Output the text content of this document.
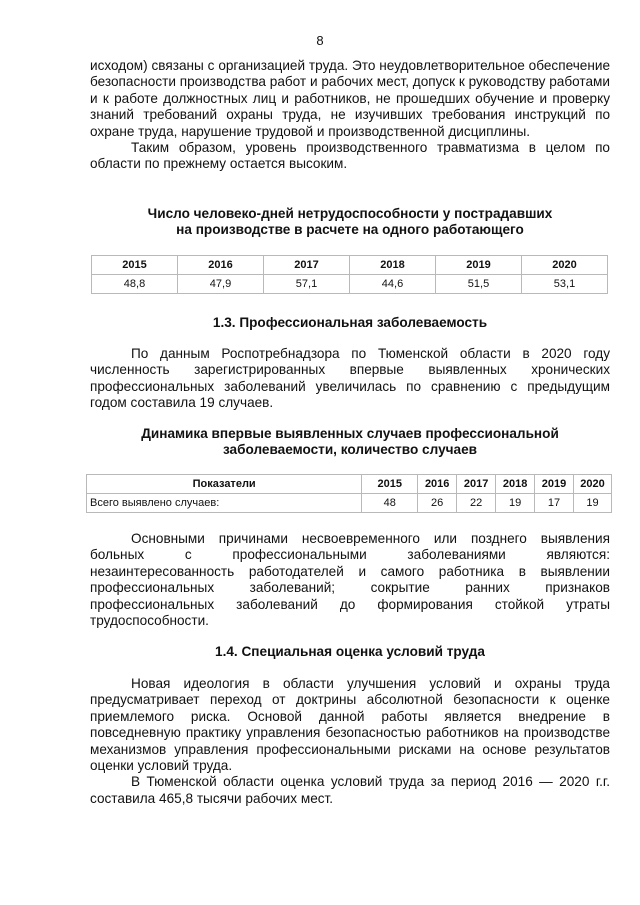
8

исходом) связаны с организацией труда. Это неудовлетворительное обеспечение безопасности производства работ и рабочих мест, допуск к руководству работами и к работе должностных лиц и работников, не прошедших обучение и проверку знаний требований охраны труда, не изучивших требования инструкций по охране труда, нарушение трудовой и производственной дисциплины.

Таким образом, уровень производственного травматизма в целом по области по прежнему остается высоким.

Число человеко-дней нетрудоспособности у пострадавших

на производстве в расчете на одного работающего

2015	2016	2017	2018	2019	2020
48,8	47,9	57,1	44,6	51,5	53,1

1.3. Профессиональная заболеваемость

По данным Роспотребнадзора по Тюменской области в 2020 году численность зарегистрированных впервые выявленных хронических профессиональных заболеваний увеличилась по сравнению с предыдущим годом составила 19 случаев.

Динамика впервые выявленных случаев профессиональной

заболеваемости, количество случаев

Показатели	2015	2016	2017	2018	2019	2020
Всего выявлено случаев:	48	26	22	19	17	19

Основными причинами несвоевременного или позднего выявления больных с профессиональными заболеваниями являются: незаинтересованность работодателей и самого работника в выявлении профессиональных заболеваний; сокрытие ранних признаков профессиональных заболеваний до формирования стойкой утраты трудоспособности.

1.4. Специальная оценка условий труда

Новая идеология в области улучшения условий и охраны труда предусматривает переход от доктрины абсолютной безопасности к оценке приемлемого риска. Основой данной работы является внедрение в повседневную практику управления безопасностью работников на производстве механизмов управления профессиональными рисками на основе результатов оценки условий труда.

В Тюменской области оценка условий труда за период 2016 — 2020 г.г. составила 465,8 тысячи рабочих мест.
